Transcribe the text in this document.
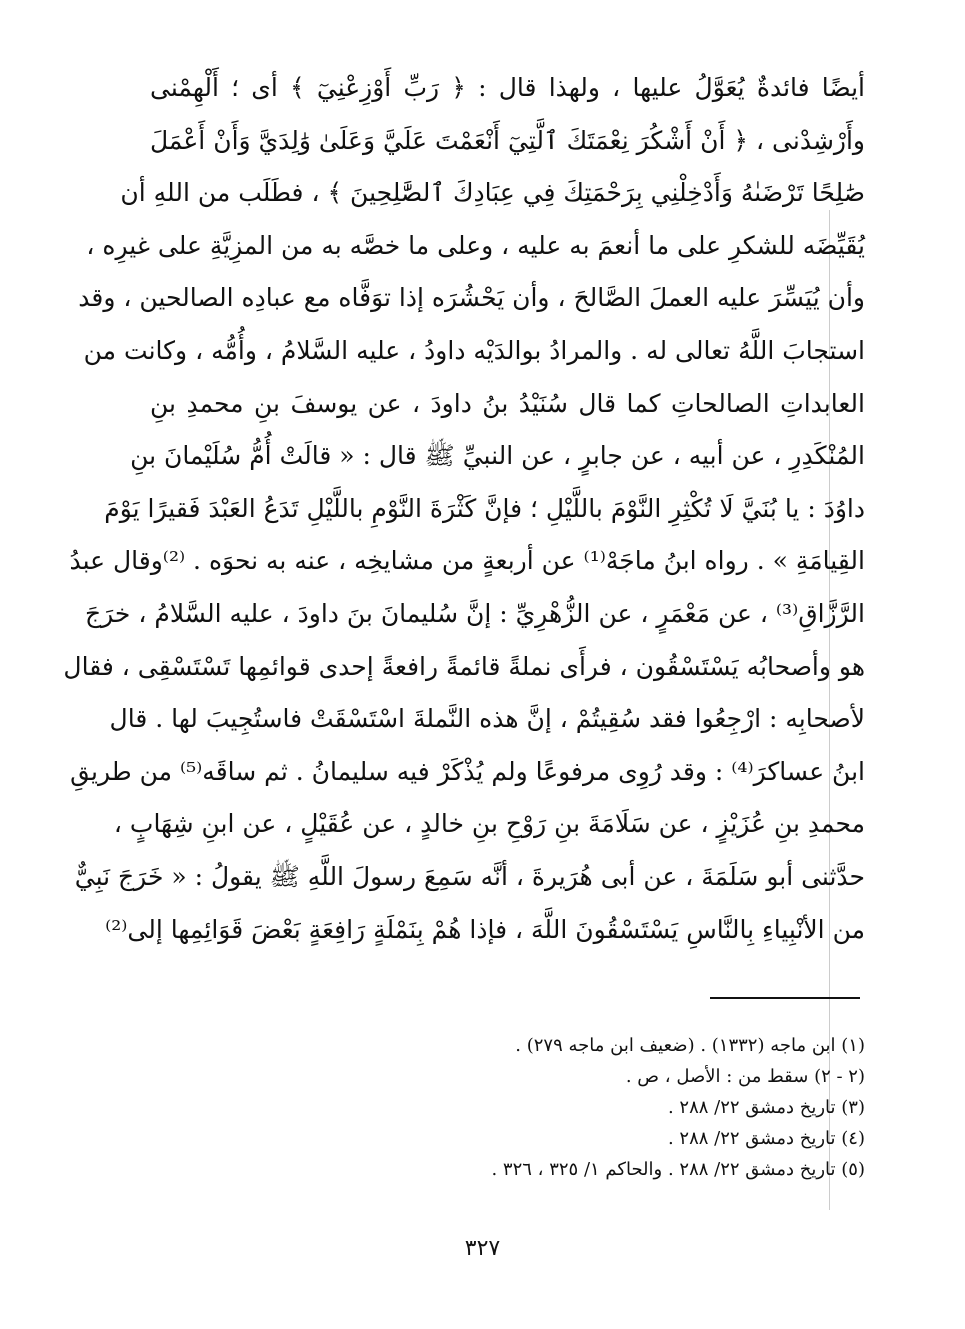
أيضًا فائدةٌ يُعَوَّلُ عليها ، ولهذا قال : ﴿ رَبِّ أَوْزِعْنِيٓ ﴾ أى ؛ أَلْهِمْنى
وأَرْشِدْنى ، ﴿ أَنْ أَشْكُرَ نِعْمَتَكَ ٱلَّتِيٓ أَنْعَمْتَ عَلَيَّ وَعَلَىٰ وَٰلِدَيَّ وَأَنْ أَعْمَلَ
صَٰلِحًا تَرْضَىٰهُ وَأَدْخِلْنِي بِرَحْمَتِكَ فِي عِبَادِكَ ٱلصَّٰلِحِينَ ﴾ ، فطَلَب من اللهِ أن
يُقَيِّضَه للشكرِ على ما أنعمَ به عليه ، وعلى ما خصَّه به من المزِيَّةِ على غيرِه ،
وأن يُيَسِّرَ عليه العملَ الصَّالحَ ، وأن يَحْشُرَه إذا توَفَّاه مع عبادِه الصالحين ، وقد
استجابَ اللَّهُ تعالى له . والمرادُ بوالدَيْه داودُ ، عليه السَّلامُ ، وأُمُّه ، وكانت من
العابداتِ الصالحاتِ كما قال سُنَيْدُ بنُ داودَ ، عن يوسفَ بنِ محمدِ بنِ
المُنْكَدِرِ ، عن أبيه ، عن جابرٍ ، عن النبيِّ ﷺ قال : « قالَتْ أُمُّ سُلَيْمانَ بنِ
داوُدَ : يا بُنَيَّ لَا تُكْثِرِ النَّوْمَ باللَّيْلِ ؛ فإنَّ كَثْرَةَ النَّوْمِ باللَّيْلِ تَدَعُ العَبْدَ فَقيرًا يَوْمَ
القِيامَةِ » . رواه ابنُ ماجَهْ⁽¹⁾ عن أربعةٍ من مشايخِه ، عنه به نحوَه . ⁽²⁾وقال عبدُ
الرَّزَّاقِ⁽³⁾ ، عن مَعْمَرٍ ، عن الزُّهْرِيِّ : إنَّ سُليمانَ بنَ داودَ ، عليه السَّلامُ ، خرَجَ
هو وأصحابُه يَسْتَسْقُون ، فرأَى نملةً قائمةً رافعةً إحدى قوائمِها تَسْتَسْقِى ، فقال
لأصحابِه : ارْجِعُوا فقد سُقِيتُمْ ، إنَّ هذه النَّملةَ اسْتَسْقَتْ فاستُجِيبَ لها . قال
ابنُ عساكرَ⁽⁴⁾ : وقد رُوِى مرفوعًا ولم يُذْكَرْ فيه سليمانُ . ثم ساقَه⁽⁵⁾ من طريقِ
محمدِ بنِ عُزَيْزٍ ، عن سَلَامَةَ بنِ رَوْحِ بنِ خالدٍ ، عن عُقَيْلٍ ، عن ابنِ شِهَابٍ ،
حدَّثنى أبو سَلَمَةَ ، عن أبى هُرَيرةَ ، أنَّه سَمِعَ رسولَ اللَّهِ ﷺ يقولُ : « خَرَجَ نَبِيٌّ
من الأنْبِياءِ بِالنَّاسِ يَسْتَسْقُونَ اللَّهَ ، فإذا هُمْ بِنَمْلَةٍ رَافِعَةٍ بَعْضَ قَوَائِمِها إلى⁽²⁾
(١) ابن ماجه (١٣٣٢) . (ضعيف ابن ماجه ٢٧٩) .
(٢ - ٢) سقط من : الأصل ، ص .
(٣) تاريخ دمشق ٢٢/ ٢٨٨ .
(٤) تاريخ دمشق ٢٢/ ٢٨٨ .
(٥) تاريخ دمشق ٢٢/ ٢٨٨ . والحاكم ١/ ٣٢٥ ، ٣٢٦ .
٣٢٧
